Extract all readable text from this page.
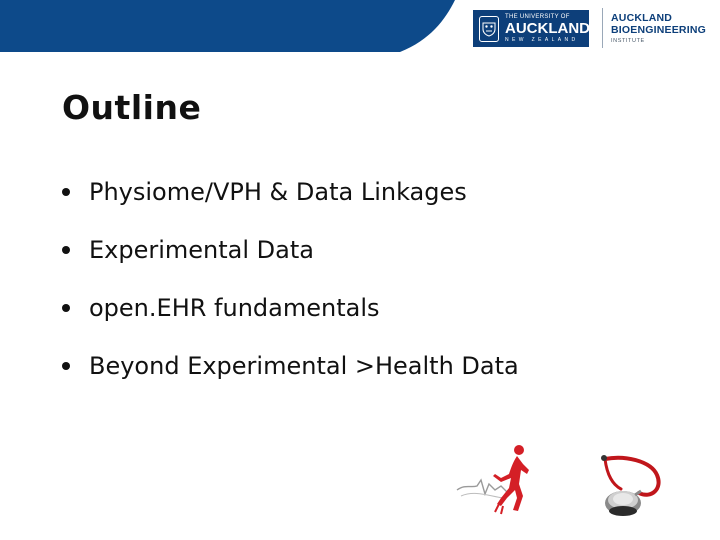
THE UNIVERSITY OF
AUCKLAND
NEW ZEALAND
AUCKLAND
BIOENGINEERING
INSTITUTE
Outline
Physiome/VPH & Data Linkages
Experimental Data
open.EHR fundamentals
Beyond Experimental >Health Data
